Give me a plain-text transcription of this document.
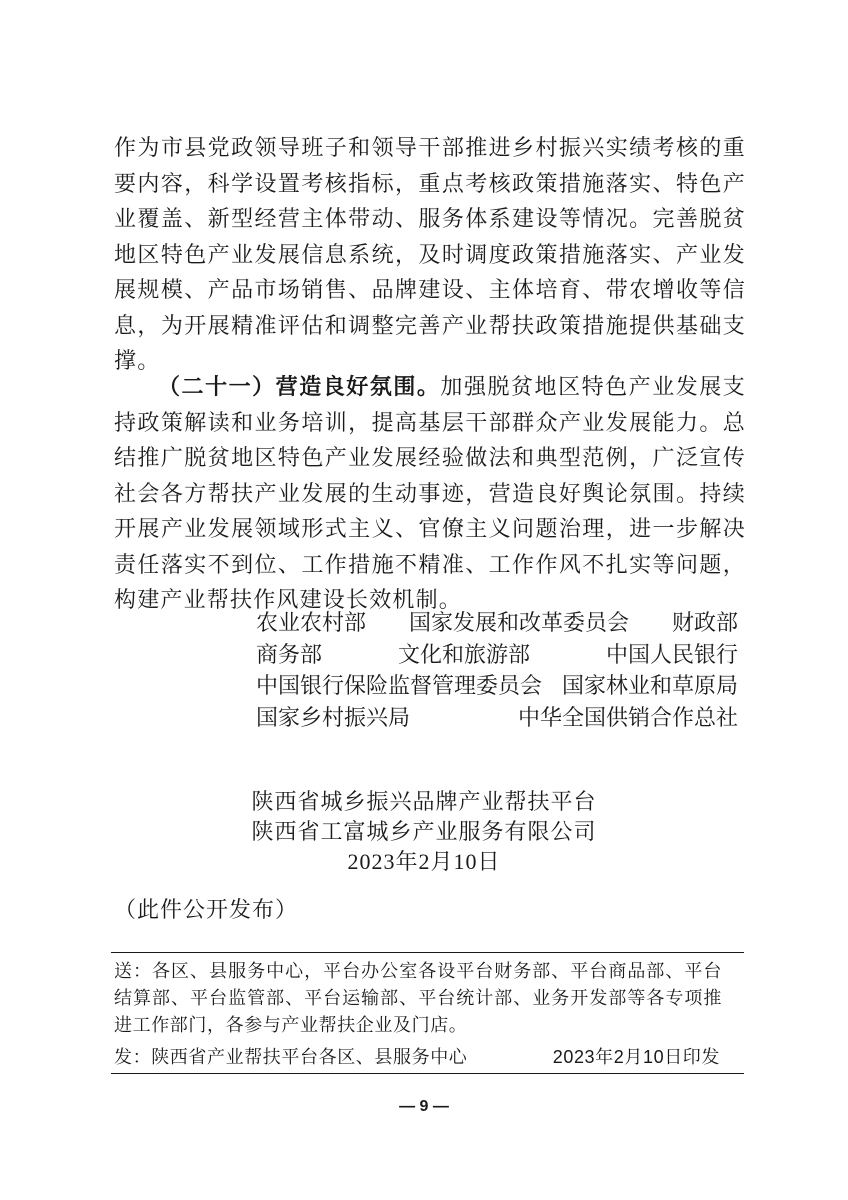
作为市县党政领导班子和领导干部推进乡村振兴实绩考核的重要内容，科学设置考核指标，重点考核政策措施落实、特色产业覆盖、新型经营主体带动、服务体系建设等情况。完善脱贫地区特色产业发展信息系统，及时调度政策措施落实、产业发展规模、产品市场销售、品牌建设、主体培育、带农增收等信息，为开展精准评估和调整完善产业帮扶政策措施提供基础支撑。

（二十一）营造良好氛围。加强脱贫地区特色产业发展支持政策解读和业务培训，提高基层干部群众产业发展能力。总结推广脱贫地区特色产业发展经验做法和典型范例，广泛宣传社会各方帮扶产业发展的生动事迹，营造良好舆论氛围。持续开展产业发展领域形式主义、官僚主义问题治理，进一步解决责任落实不到位、工作措施不精准、工作作风不扎实等问题，构建产业帮扶作风建设长效机制。

农业农村部 国家发展和改革委员会 财政部
商务部	文化和旅游部	中国人民银行
中国银行保险监督管理委员会 国家林业和草原局
国家乡村振兴局	中华全国供销合作总社
陕西省城乡振兴品牌产业帮扶平台
陕西省工富城乡产业服务有限公司
2023年2月10日
（此件公开发布）

送：各区、县服务中心，平台办公室各设平台财务部、平台商品部、平台结算部、平台监管部、平台运输部、平台统计部、业务开发部等各专项推进工作部门，各参与产业帮扶企业及门店。

发：陕西省产业帮扶平台各区、县服务中心	2023年2月10日印发
— 9 —
